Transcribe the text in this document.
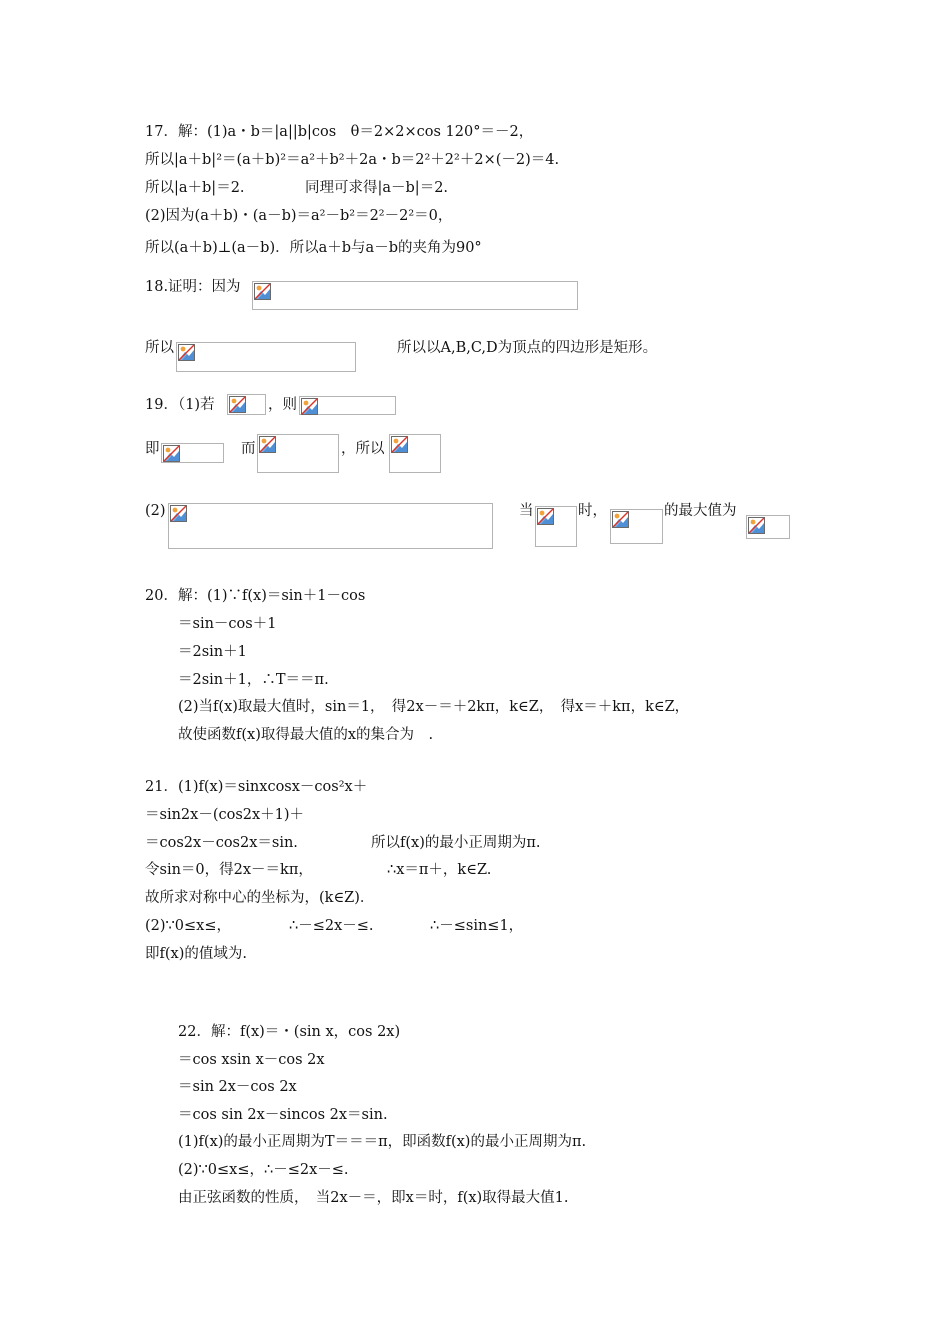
17．解：(1)a・b＝|a||b|cos　θ＝2×2×cos 120°＝－2，
所以|a＋b|²＝(a＋b)²＝a²＋b²＋2a・b＝2²＋2²＋2×(－2)＝4.
所以|a＋b|＝2.	同理可求得|a－b|＝2.
(2)因为(a＋b)・(a－b)＝a²－b²＝2²－2²＝0，
所以(a＋b)⊥(a－b)．所以a＋b与a－b的夹角为90°
18.证明：因为
所以	所以以A,B,C,D为顶点的四边形是矩形。
19．（1)若	，则
即	而	，所以
(2)	当	时，	的最大值为
20．解：(1)∵f(x)＝sin＋1－cos
＝sin－cos＋1
＝2sin＋1
＝2sin＋1，∴T＝＝π.
(2)当f(x)取最大值时，sin＝1，　得2x－＝＋2kπ，k∈Z，　得x＝＋kπ，k∈Z，
故使函数f(x)取得最大值的x的集合为　.
21．(1)f(x)＝sinxcosx－cos²x＋
＝sin2x－(cos2x＋1)＋
＝cos2x－cos2x＝sin.	所以f(x)的最小正周期为π.
令sin＝0，得2x－＝kπ，	∴x＝π＋，k∈Z.
故所求对称中心的坐标为，(k∈Z)．
(2)∵0≤x≤，	∴－≤2x－≤.	∴－≤sin≤1，
即f(x)的值域为.
22．解：f(x)＝・(sin x，cos 2x)
＝cos xsin x－cos 2x
＝sin 2x－cos 2x
＝cos sin 2x－sincos 2x＝sin.
(1)f(x)的最小正周期为T＝＝＝π，即函数f(x)的最小正周期为π.
(2)∵0≤x≤，∴－≤2x－≤.
由正弦函数的性质，　当2x－＝，即x＝时，f(x)取得最大值1.
